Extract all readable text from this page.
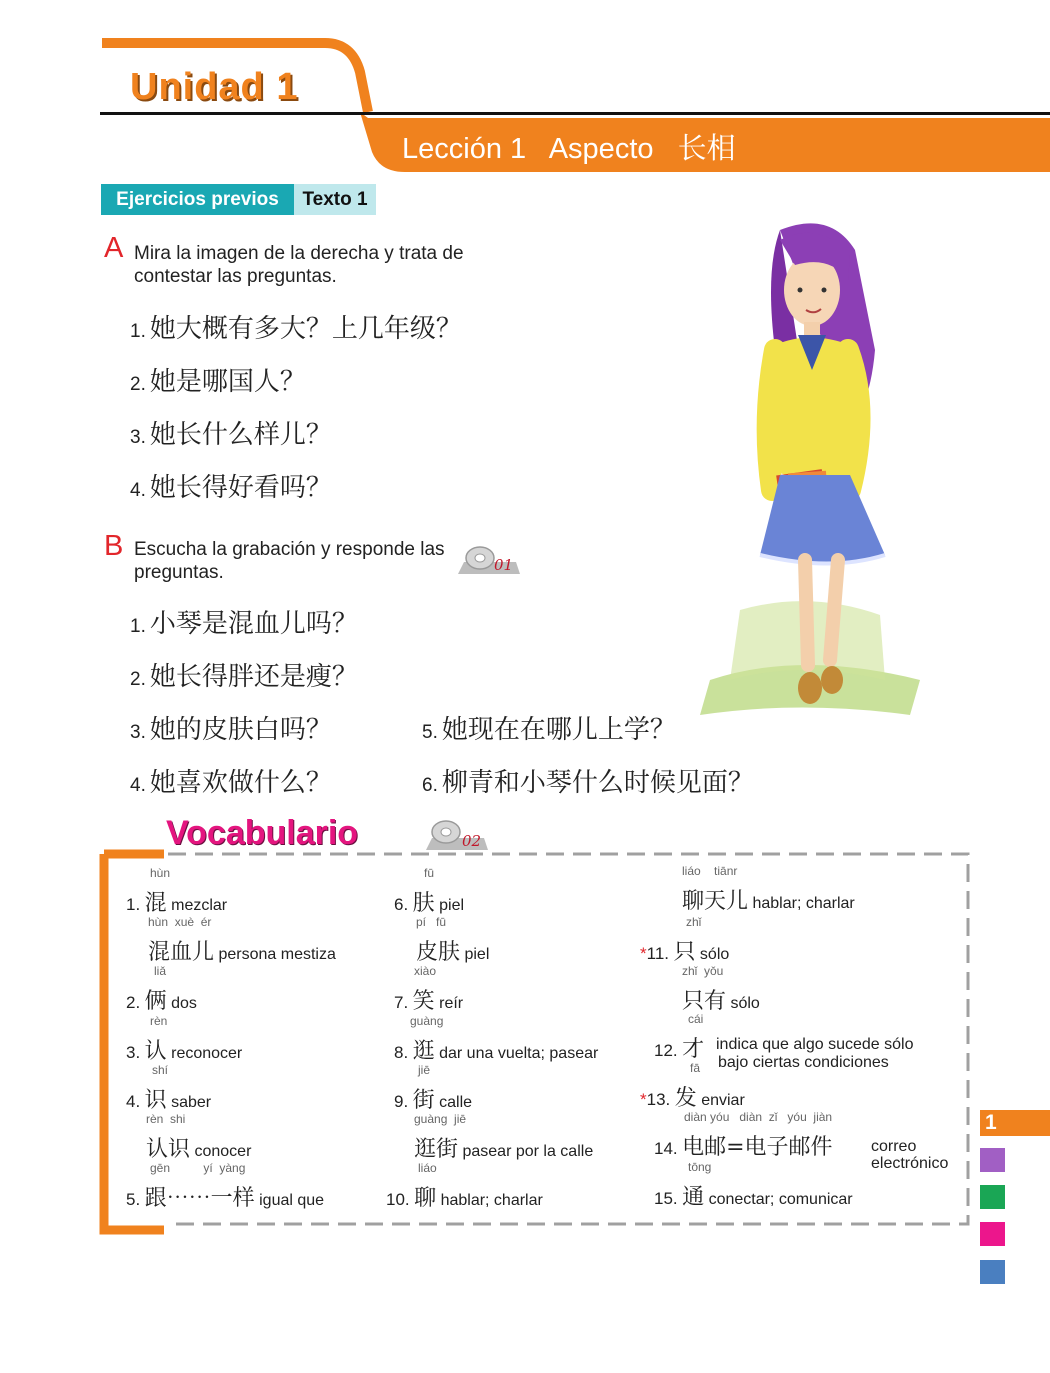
Unidad 1
Lección 1   Aspecto   长相
Ejercicios previos	Texto 1
A Mira la imagen de la derecha y trata de contestar las preguntas.
1. 她大概有多大？上几年级？
2. 她是哪国人？
3. 她长什么样儿？
4. 她长得好看吗？
B Escucha la grabación y responde las preguntas.	01
1. 小琴是混血儿吗？
2. 她长得胖还是瘦？
3. 她的皮肤白吗？
4. 她喜欢做什么？
5. 她现在在哪儿上学？
6. 柳青和小琴什么时候见面？
Vocabulario	02
hùn
1. 混 mezclar
hùn  xuè  ér
混血儿 persona mestiza
liǎ
2. 俩 dos
rèn
3. 认 reconocer
shí
4. 识 saber
rèn  shi
认识 conocer
gēn          yí  yàng
5. 跟⋯⋯一样 igual que
fū
6. 肤 piel
pí   fū
皮肤 piel
xiào
7. 笑 reír
guàng
8. 逛 dar una vuelta; pasear
jiē
9. 街 calle
guàng  jiē
逛街 pasear por la calle
liáo
10. 聊 hablar; charlar
liáo    tiānr
聊天儿 hablar; charlar
zhǐ
*11. 只 sólo
zhǐ  yǒu
只有 sólo
cái
12. 才 indica que algo sucede sólo
bajo ciertas condiciones
fā
*13. 发 enviar
diàn yóu   diàn  zǐ   yóu  jiàn
14. 电邮=电子邮件 correo
electrónico
tōng
15. 通 conectar; comunicar
1
